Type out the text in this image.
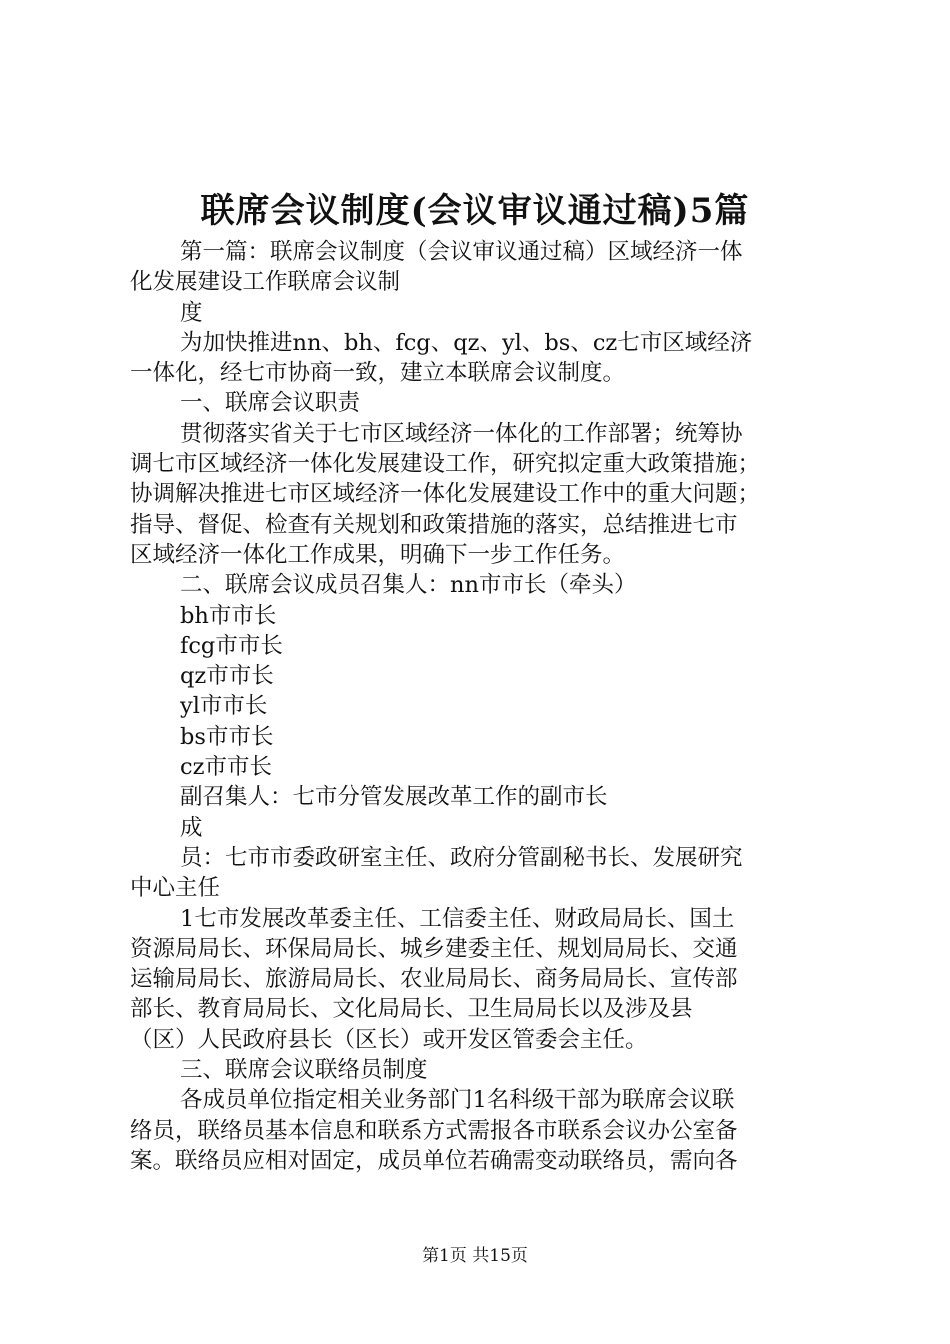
联席会议制度(会议审议通过稿)5篇

第一篇：联席会议制度（会议审议通过稿）区域经济一体

化发展建设工作联席会议制

度

为加快推进nn、bh、fcg、qz、yl、bs、cz七市区域经济

一体化，经七市协商一致，建立本联席会议制度。

一、联席会议职责

贯彻落实省关于七市区域经济一体化的工作部署；统筹协

调七市区域经济一体化发展建设工作，研究拟定重大政策措施；

协调解决推进七市区域经济一体化发展建设工作中的重大问题；

指导、督促、检查有关规划和政策措施的落实，总结推进七市

区域经济一体化工作成果，明确下一步工作任务。

二、联席会议成员召集人：nn市市长（牵头）

bh市市长

fcg市市长

qz市市长

yl市市长

bs市市长

cz市市长

副召集人：七市分管发展改革工作的副市长

成

员：七市市委政研室主任、政府分管副秘书长、发展研究

中心主任

1七市发展改革委主任、工信委主任、财政局局长、国土

资源局局长、环保局局长、城乡建委主任、规划局局长、交通

运输局局长、旅游局局长、农业局局长、商务局局长、宣传部

部长、教育局局长、文化局局长、卫生局局长以及涉及县

（区）人民政府县长（区长）或开发区管委会主任。

三、联席会议联络员制度

各成员单位指定相关业务部门1名科级干部为联席会议联

络员，联络员基本信息和联系方式需报各市联系会议办公室备

案。联络员应相对固定，成员单位若确需变动联络员，需向各

第1页 共15页
